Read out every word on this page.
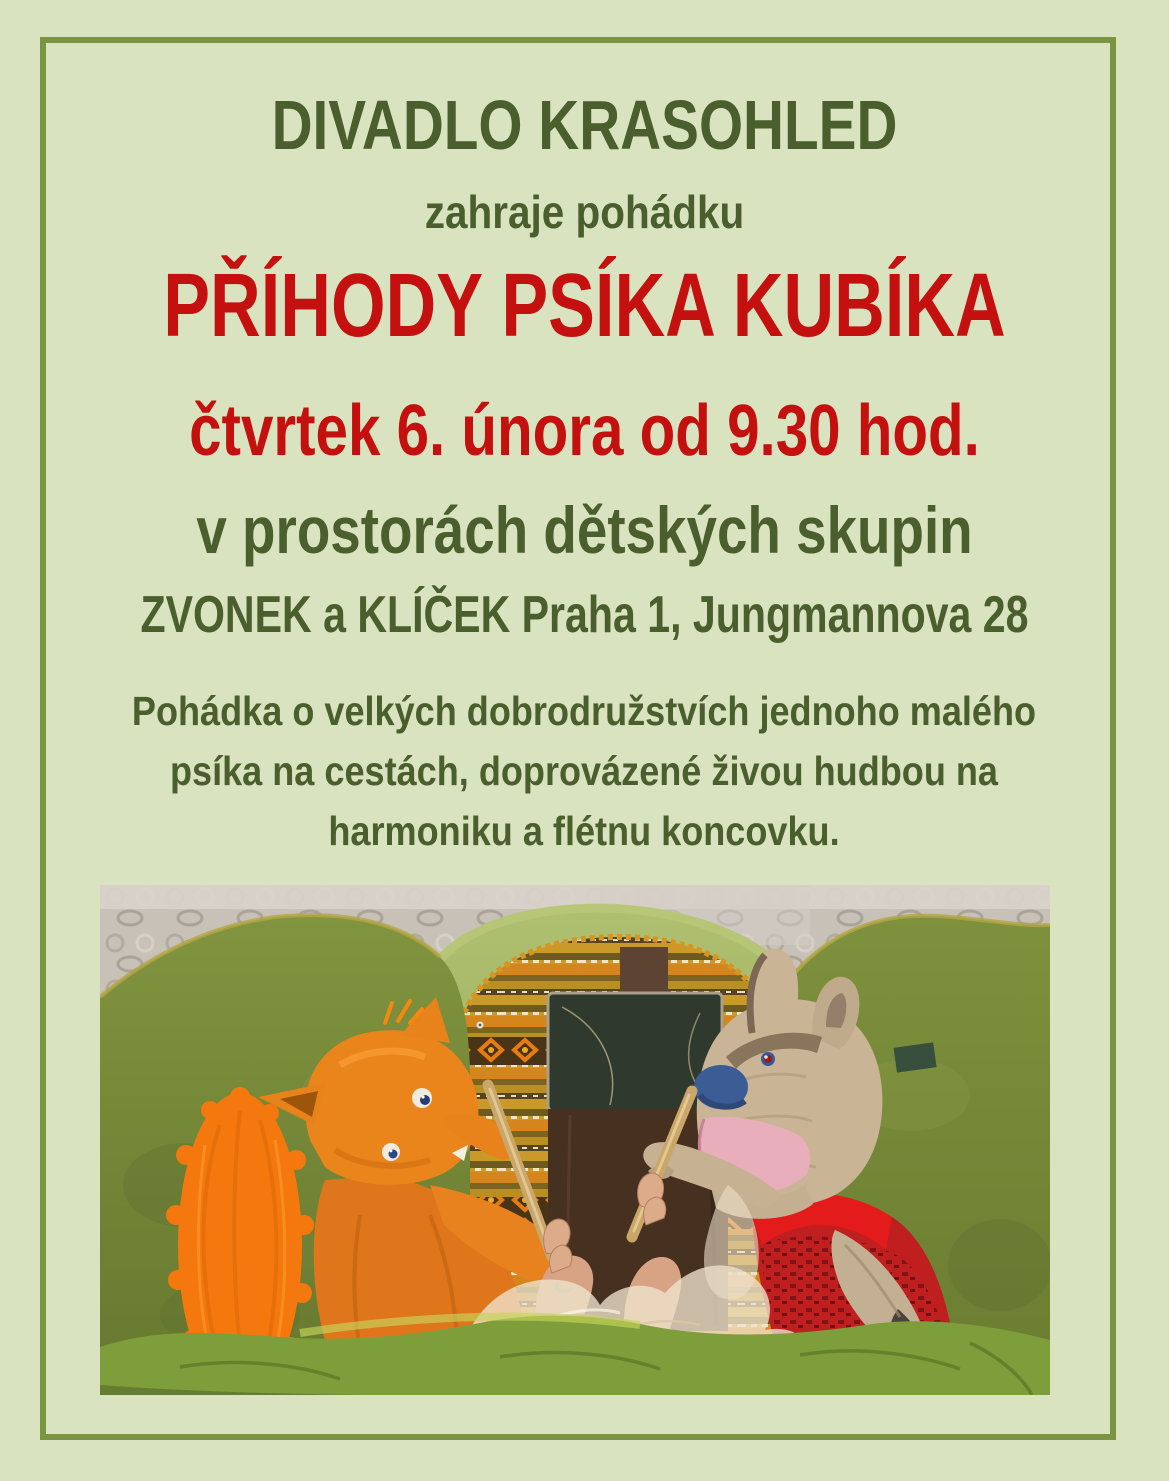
DIVADLO KRASOHLED
zahraje pohádku
PŘÍHODY PSÍKA KUBÍKA
čtvrtek 6. února od 9.30 hod.
v prostorách dětských skupin
ZVONEK a KLÍČEK Praha 1, Jungmannova 28
Pohádka o velkých dobrodružstvích jednoho malého psíka na cestách, doprovázené živou hudbou na harmoniku a flétnu koncovku.
